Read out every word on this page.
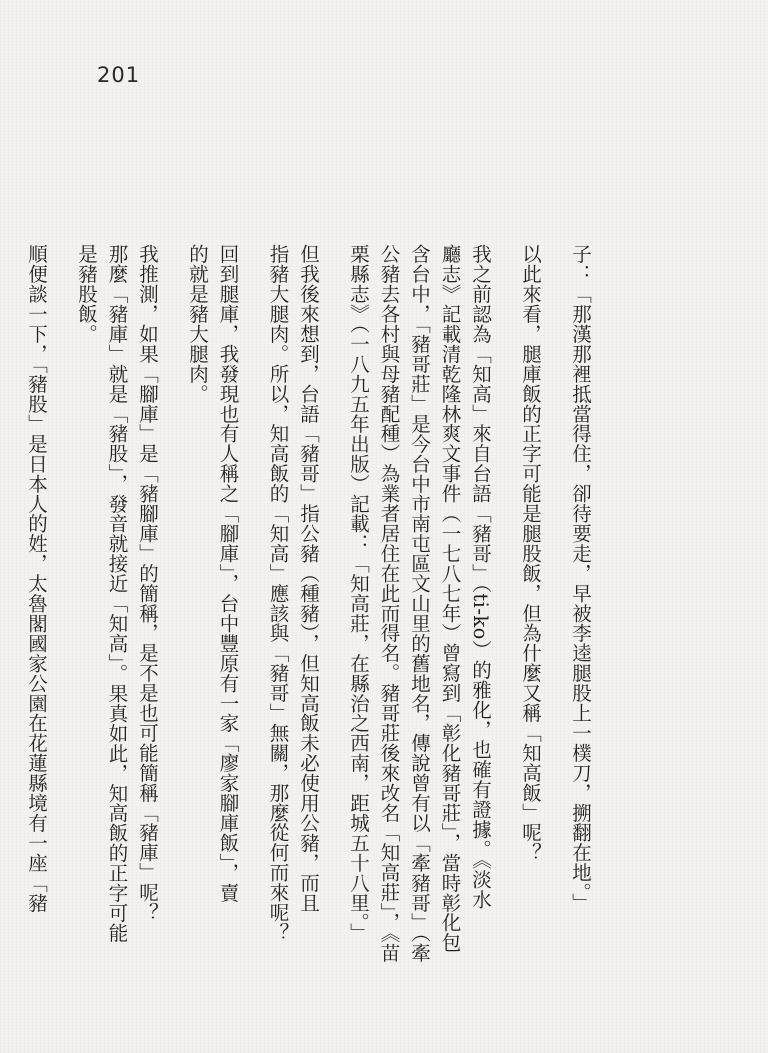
201
子：「那漢那裡抵當得住，卻待要走，早被李逵腿股上一樸刀，搠翻在地。」
以此來看，腿庫飯的正字可能是腿股飯，但為什麼又稱「知高飯」呢？
我之前認為「知高」來自台語「豬哥」（ti-ko）的雅化，也確有證據。《淡水
廳志》記載清乾隆林爽文事件（一七八七年）曾寫到「彰化豬哥莊」，當時彰化包
含台中，「豬哥莊」是今台中市南屯區文山里的舊地名，傳說曾有以「牽豬哥」（牽
公豬去各村與母豬配種）為業者居住在此而得名。豬哥莊後來改名「知高莊」，《苗
栗縣志》（一八九五年出版）記載：「知高莊，在縣治之西南，距城五十八里。」
但我後來想到，台語「豬哥」指公豬（種豬），但知高飯未必使用公豬，而且
指豬大腿肉。所以，知高飯的「知高」應該與「豬哥」無關，那麼從何而來呢？
回到腿庫，我發現也有人稱之「腳庫」，台中豐原有一家「廖家腳庫飯」，賣
的就是豬大腿肉。
我推測，如果「腳庫」是「豬腳庫」的簡稱，是不是也可能簡稱「豬庫」呢？
那麼「豬庫」就是「豬股」，發音就接近「知高」。果真如此，知高飯的正字可能
是豬股飯。
順便談一下，「豬股」是日本人的姓，太魯閣國家公園在花蓮縣境有一座「豬
